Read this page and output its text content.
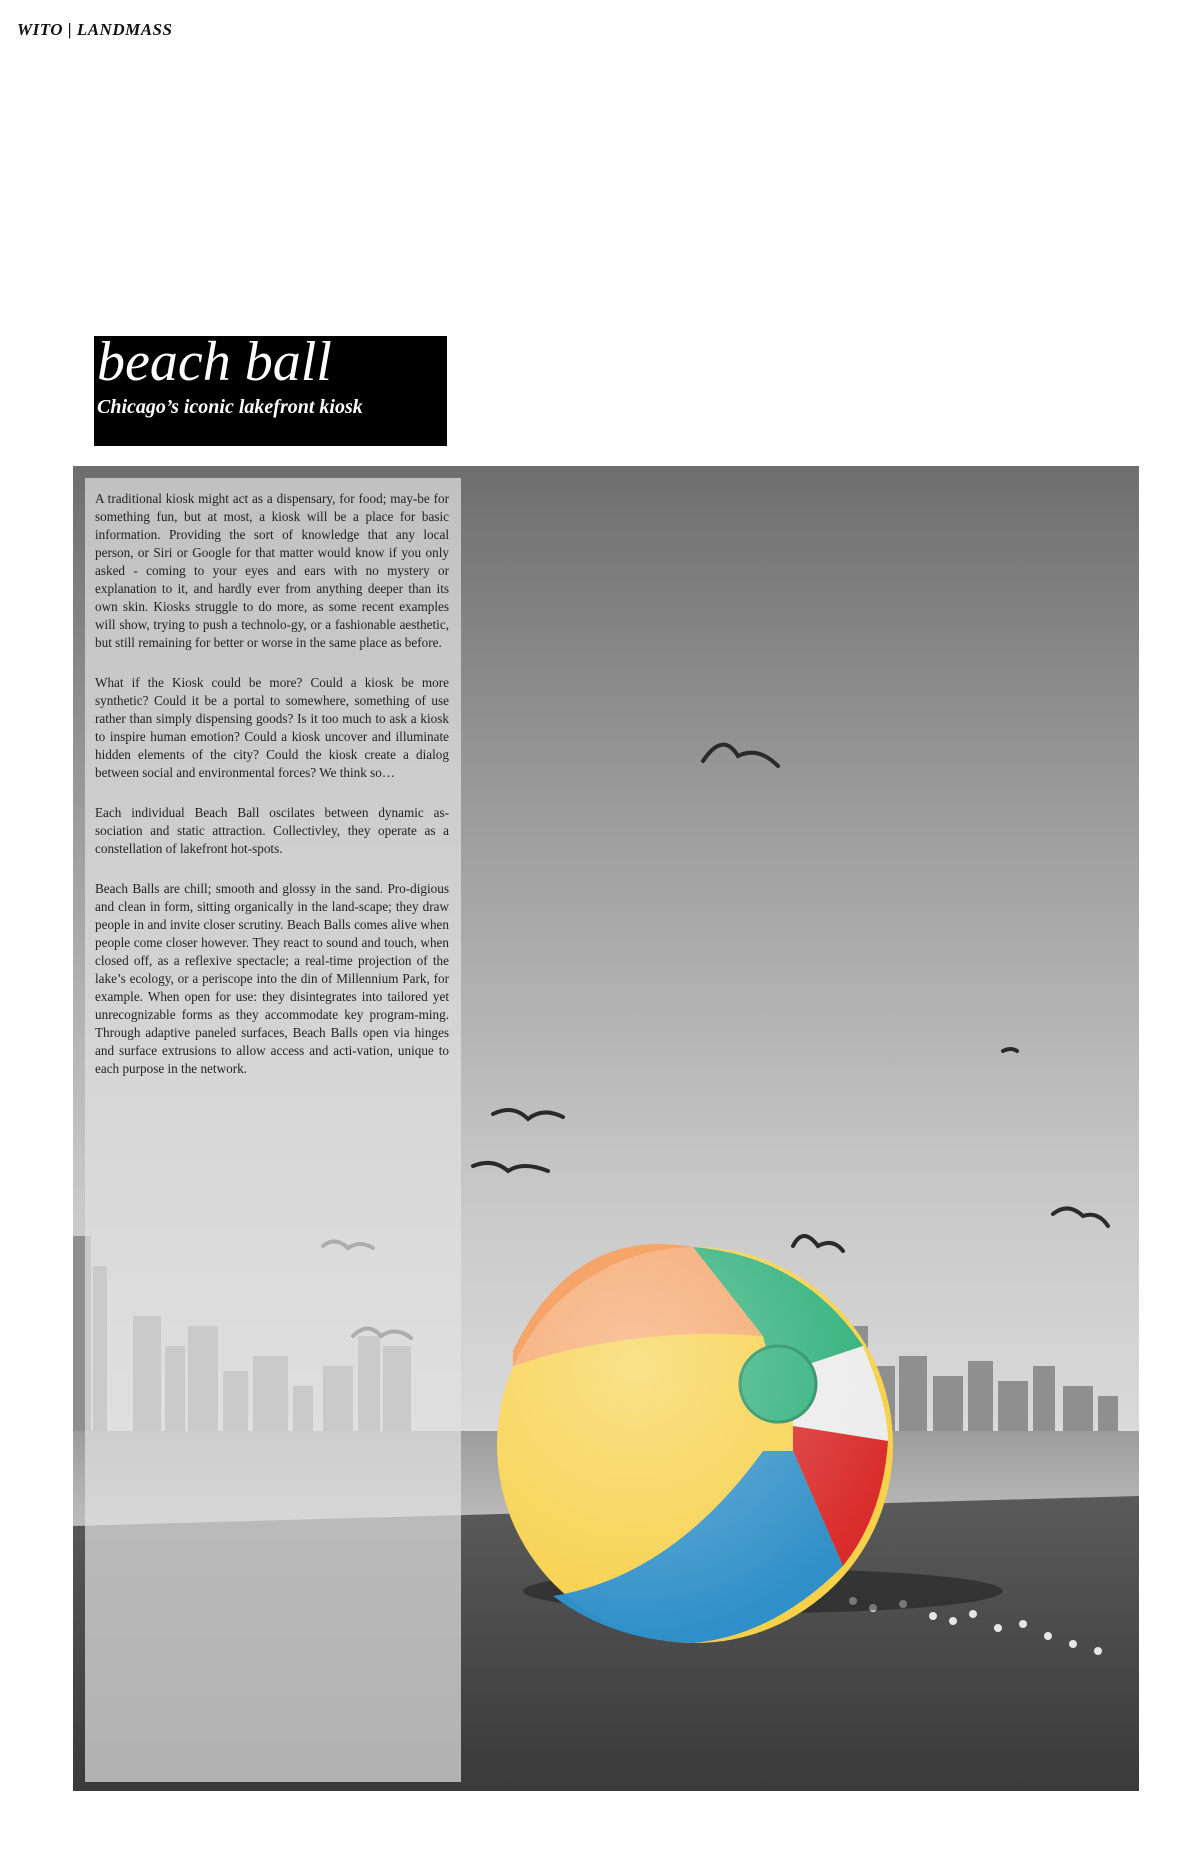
WITO | LANDMASS
beach ball
Chicago’s iconic lakefront kiosk

A traditional kiosk might act as a dispensary, for food; may-be for something fun, but at most, a kiosk will be a place for basic information. Providing the sort of knowledge that any local person, or Siri or Google for that matter would know if you only asked - coming to your eyes and ears with no mystery or explanation to it, and hardly ever from anything deeper than its own skin. Kiosks struggle to do more, as some recent examples will show, trying to push a technolo-gy, or a fashionable aesthetic, but still remaining for better or worse in the same place as before.

What if the Kiosk could be more? Could a kiosk be more synthetic? Could it be a portal to somewhere, something of use rather than simply dispensing goods? Is it too much to ask a kiosk to inspire human emotion? Could a kiosk uncover and illuminate hidden elements of the city? Could the kiosk create a dialog between social and environmental forces? We think so…

Each individual Beach Ball oscilates between dynamic as-sociation and static attraction. Collectivley, they operate as a constellation of lakefront hot-spots.

Beach Balls are chill; smooth and glossy in the sand. Pro-digious and clean in form, sitting organically in the land-scape; they draw people in and invite closer scrutiny. Beach Balls comes alive when people come closer however. They react to sound and touch, when closed off, as a reflexive spectacle; a real-time projection of the lake’s ecology, or a periscope into the din of Millennium Park, for example. When open for use: they disintegrates into tailored yet unrecognizable forms as they accommodate key program-ming. Through adaptive paneled surfaces, Beach Balls open via hinges and surface extrusions to allow access and acti-vation, unique to each purpose in the network.
